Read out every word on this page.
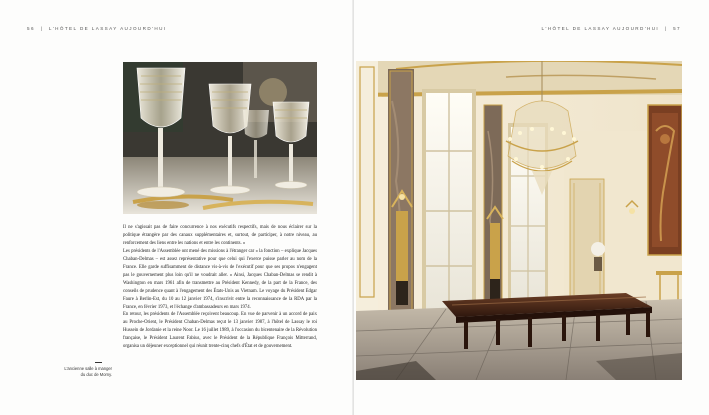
56 | L'HÔTEL DE LASSAY AUJOURD'HUI

Il ne s'agissait pas de faire concurrence à nos exécutifs respectifs, mais de nous éclairer sur la politique étrangère par des canaux supplémentaires et, surtout, de participer, à notre niveau, au renforcement des liens entre les nations et entre les continents. »

Les présidents de l'Assemblée ont mené des missions à l'étranger car « la fonction – explique Jacques Chaban-Delmas – est assez représentative pour que celui qui l'exerce puisse parler au nom de la France. Elle garde suffisamment de distance vis-à-vis de l'exécutif pour que ses propos n'engagent pas le gouvernement plus loin qu'il ne voudrait aller. » Ainsi, Jacques Chaban-Delmas se rendit à Washington en mars 1961 afin de transmettre au Président Kennedy, de la part de la France, des conseils de prudence quant à l'engagement des États-Unis au Vietnam. Le voyage du Président Edgar Faure à Berlin-Est, du 10 au 12 janvier 1974, s'inscrivit entre la reconnaissance de la RDA par la France, en février 1973, et l'échange d'ambassadeurs en mars 1974.

En retour, les présidents de l'Assemblée reçoivent beaucoup. En vue de parvenir à un accord de paix au Proche-Orient, le Président Chaban-Delmas reçut le 13 janvier 1987, à l'hôtel de Lassay le roi Hussein de Jordanie et la reine Noor. Le 16 juillet 1989, à l'occasion du bicentenaire de la Révolution française, le Président Laurent Fabius, avec le Président de la République François Mitterrand, organisa un déjeuner exceptionnel qui réunit trente-cinq chefs d'État et de gouvernement.

L'ancienne salle à manger
du duc de Morny.
L'HÔTEL DE LASSAY AUJOURD'HUI | 57
